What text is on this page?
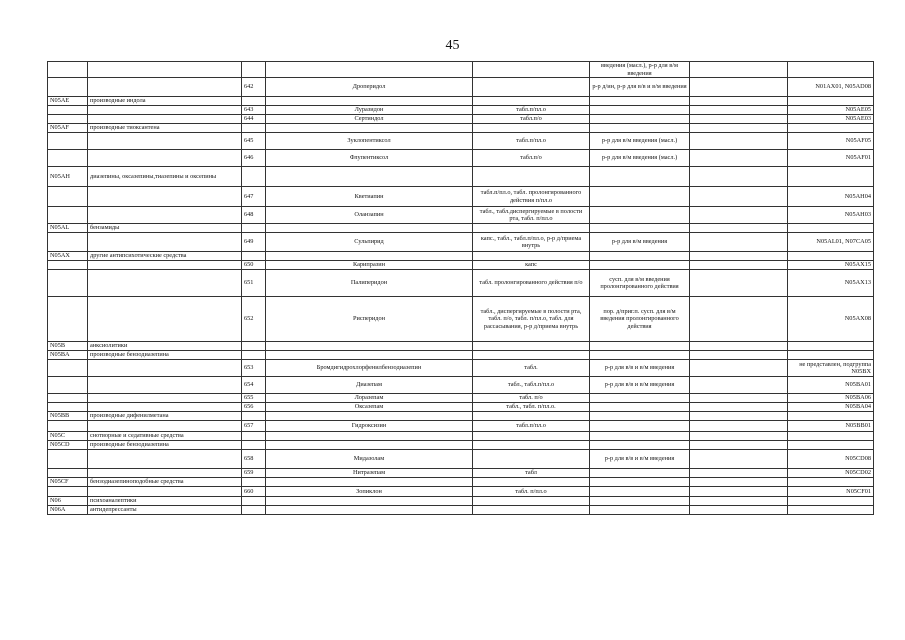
45
					введения (масл.), р-р для в/м введения		
		642	Дроперидол		р-р д/ин, р-р для в/в и в/м введения		N01AX01, N05AD08
N05AE	производные индола						
		643	Луразидон	табл.п/пл.о			N05AE05
		644	Сертиндол	табл.п/о			N05AE03
N05AF	производные тиоксантена						
		645	Зуклопентиксол	табл.п/пл.о	р-р для в/м введения (масл.)		N05AF05
		646	Флупентиксол	табл.п/о	р-р для в/м введения (масл.)		N05AF01
N05AH	диазепины, оксазепины,тиазепины и оксепины						
		647	Кветиапин	табл.п/пл.о, табл. пролонгированного действия п/пл.о			N05AH04
		648	Оланзапин	табл., табл.диспергируемые в полости рта, табл. п/пл.о			N05AH03
N05AL	бензамиды						
		649	Сульпирид	капс., табл., табл.п/пл.о, р-р д/приема внутрь	р-р для в/м введения		N05AL01, N07CA05
N05AX	другие антипсихотические средства						
		650	Карипразин	капс			N05AX15
		651	Палиперидон	табл. пролонгированного действия п/о	сусп. для в/м введения пролонгированного действия		N05AX13
		652	Рисперидон	табл., диспергируемые в полости рта, табл. п/о, табл. п/пл.о, табл. для рассасывания, р-р д/приема внутрь	пор. д/приг.п. сусп. для в/м введения пролонгированного действия		N05AX08
N05B	анксиолитики						
N05BA	производные бензодиазепина						
		653	Бромдигидрохлорфенилбензодиазепин	табл.	р-р для в/в и в/м введения		не представлен, подгруппа N05BX
		654	Диазепам	табл., табл.п/пл.о	р-р для в/в и в/м введения		N05BA01
		655	Лоразепам	табл. п/о			N05BA06
		656	Оксазепам	табл., табл. п/пл.о.			N05BA04
N05BB	производные дифенилметана						
		657	Гидроксизин	табл.п/пл.о			N05BB01
N05C	снотворные и седативные средства						
N05CD	производные бензодиазепина						
		658	Мидазолам		р-р для в/в и в/м введения		N05CD08
		659	Нитразепам	табл			N05CD02
N05CF	бензодиазепиноподобные средства						
		660	Зопиклон	табл. п/пл.о			N05CF01
N06	психоаналептики						
N06A	антидепрессанты						
